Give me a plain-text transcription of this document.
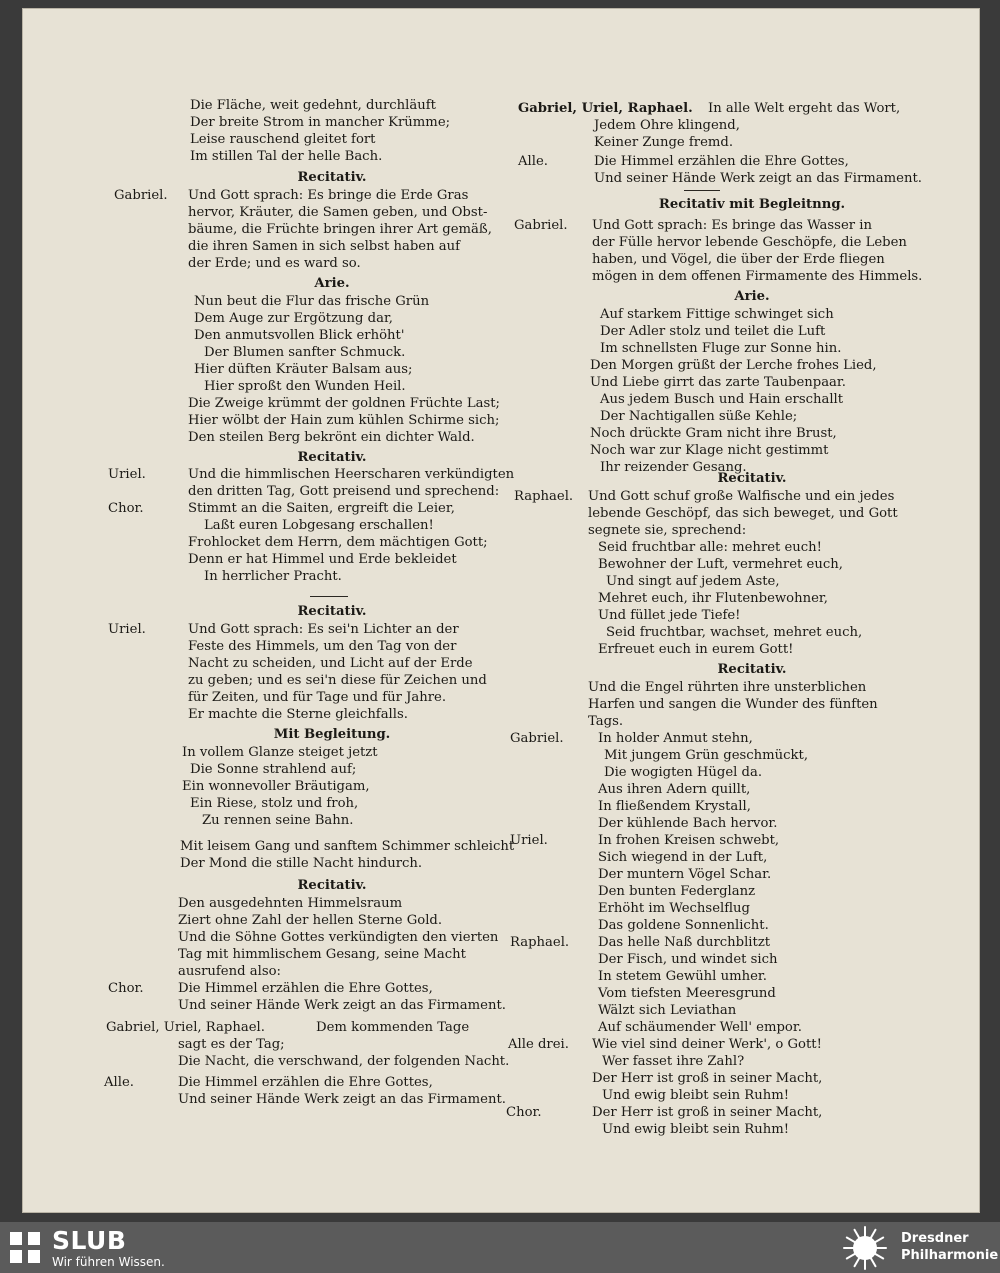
Die Fläche, weit gedehnt, durchläuft
Der breite Strom in mancher Krümme;
Leise rauschend gleitet fort
Im stillen Tal der helle Bach.
Recitativ.
Gabriel. Und Gott sprach: Es bringe die Erde Gras
hervor, Kräuter, die Samen geben, und Obst-
bäume, die Früchte bringen ihrer Art gemäß,
die ihren Samen in sich selbst haben auf
der Erde; und es ward so.
Arie.
Nun beut die Flur das frische Grün
Dem Auge zur Ergötzung dar,
Den anmutsvollen Blick erhöht'
Der Blumen sanfter Schmuck.
Hier düften Kräuter Balsam aus;
Hier sproßt den Wunden Heil.
Die Zweige krümmt der goldnen Früchte Last;
Hier wölbt der Hain zum kühlen Schirme sich;
Den steilen Berg bekrönt ein dichter Wald.
Recitativ.
Uriel.	Und die himmlischen Heerscharen verkündigten
den dritten Tag, Gott preisend und sprechend:
Chor.	Stimmt an die Saiten, ergreift die Leier,
Laßt euren Lobgesang erschallen!
Frohlocket dem Herrn, dem mächtigen Gott;
Denn er hat Himmel und Erde bekleidet
In herrlicher Pracht.
Recitativ.
Uriel.	Und Gott sprach: Es sei'n Lichter an der
Feste des Himmels, um den Tag von der
Nacht zu scheiden, und Licht auf der Erde
zu geben; und es sei'n diese für Zeichen und
für Zeiten, und für Tage und für Jahre.
Er machte die Sterne gleichfalls.
Mit Begleitung.
In vollem Glanze steiget jetzt
Die Sonne strahlend auf;
Ein wonnevoller Bräutigam,
Ein Riese, stolz und froh,
Zu rennen seine Bahn.
Mit leisem Gang und sanftem Schimmer schleicht
Der Mond die stille Nacht hindurch.
Recitativ.
Den ausgedehnten Himmelsraum
Ziert ohne Zahl der hellen Sterne Gold.
Und die Söhne Gottes verkündigten den vierten
Tag mit himmlischem Gesang, seine Macht
ausrufend also:
Chor.	Die Himmel erzählen die Ehre Gottes,
Und seiner Hände Werk zeigt an das Firmament.
Gabriel, Uriel, Raphael.	Dem kommenden Tage
sagt es der Tag;
Die Nacht, die verschwand, der folgenden Nacht.
Alle.	Die Himmel erzählen die Ehre Gottes,
Und seiner Hände Werk zeigt an das Firmament.
Gabriel, Uriel, Raphael. In alle Welt ergeht das Wort,
Jedem Ohre klingend,
Keiner Zunge fremd.
Alle.	Die Himmel erzählen die Ehre Gottes,
Und seiner Hände Werk zeigt an das Firmament.
Recitativ mit Begleitnng.
Gabriel. Und Gott sprach: Es bringe das Wasser in
der Fülle hervor lebende Geschöpfe, die Leben
haben, und Vögel, die über der Erde fliegen
mögen in dem offenen Firmamente des Himmels.
Arie.
Auf starkem Fittige schwinget sich
Der Adler stolz und teilet die Luft
Im schnellsten Fluge zur Sonne hin.
Den Morgen grüßt der Lerche frohes Lied,
Und Liebe girrt das zarte Taubenpaar.
Aus jedem Busch und Hain erschallt
Der Nachtigallen süße Kehle;
Noch drückte Gram nicht ihre Brust,
Noch war zur Klage nicht gestimmt
Ihr reizender Gesang.
Recitativ.
Raphael. Und Gott schuf große Walfische und ein jedes
lebende Geschöpf, das sich beweget, und Gott
segnete sie, sprechend:
Seid fruchtbar alle: mehret euch!
Bewohner der Luft, vermehret euch,
Und singt auf jedem Aste,
Mehret euch, ihr Flutenbewohner,
Und füllet jede Tiefe!
Seid fruchtbar, wachset, mehret euch,
Erfreuet euch in eurem Gott!
Recitativ.
Und die Engel rührten ihre unsterblichen
Harfen und sangen die Wunder des fünften
Tags.
Gabriel.	In holder Anmut stehn,
Mit jungem Grün geschmückt,
Die wogigten Hügel da.
Aus ihren Adern quillt,
In fließendem Krystall,
Der kühlende Bach hervor.
Uriel.	In frohen Kreisen schwebt,
Sich wiegend in der Luft,
Der muntern Vögel Schar.
Den bunten Federglanz
Erhöht im Wechselflug
Das goldene Sonnenlicht.
Raphael. Das helle Naß durchblitzt
Der Fisch, und windet sich
In stetem Gewühl umher.
Vom tiefsten Meeresgrund
Wälzt sich Leviathan
Auf schäumender Well' empor.
Alle drei. Wie viel sind deiner Werk', o Gott!
Wer fasset ihre Zahl?
Der Herr ist groß in seiner Macht,
Und ewig bleibt sein Ruhm!
Chor.	Der Herr ist groß in seiner Macht,
Und ewig bleibt sein Ruhm!
SLUB
Wir führen Wissen.
Dresdner
Philharmonie
